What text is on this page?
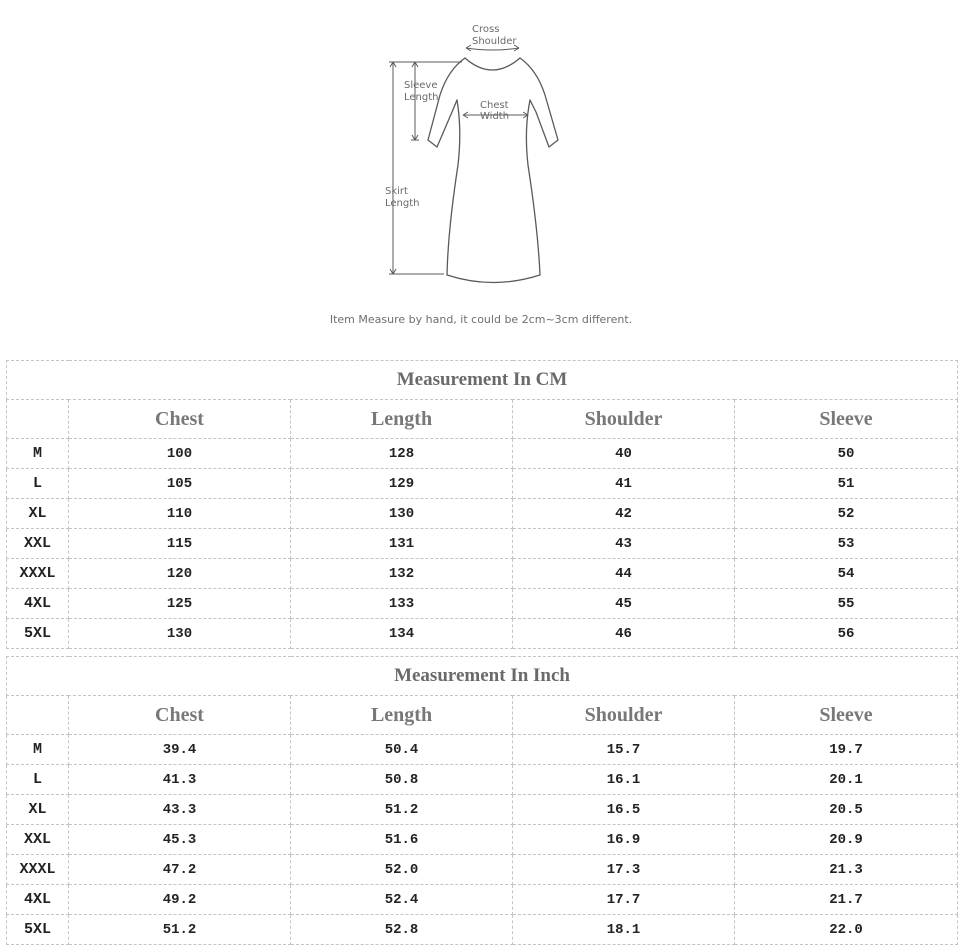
Cross
Shoulder
Sleeve
Length
Chest
Width
Skirt
Length
Item Measure by hand, it could be 2cm~3cm different.
Measurement In CM				
	Chest	Length	Shoulder	Sleeve
M	100	128	40	50
L	105	129	41	51
XL	110	130	42	52
XXL	115	131	43	53
XXXL	120	132	44	54
4XL	125	133	45	55
5XL	130	134	46	56
Measurement In Inch				
	Chest	Length	Shoulder	Sleeve
M	39.4	50.4	15.7	19.7
L	41.3	50.8	16.1	20.1
XL	43.3	51.2	16.5	20.5
XXL	45.3	51.6	16.9	20.9
XXXL	47.2	52.0	17.3	21.3
4XL	49.2	52.4	17.7	21.7
5XL	51.2	52.8	18.1	22.0
